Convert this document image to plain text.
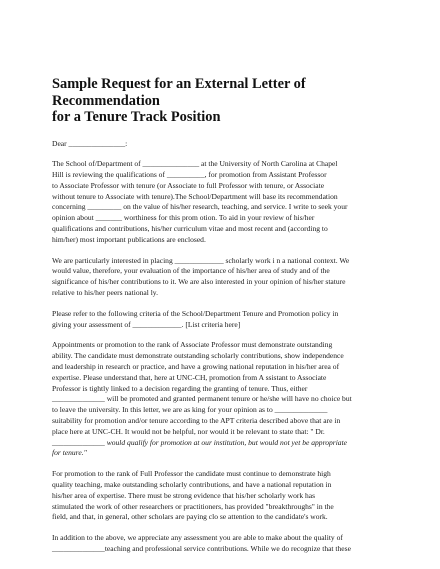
Sample Request for an External Letter of Recommendation
for a Tenure Track Position

Dear _______________:

The School of/Department of _______________ at the University of North Carolina at Chapel
Hill is reviewing the qualifications of __________, for promotion from Assistant Professor
to Associate Professor with tenure (or Associate to full Professor with tenure, or Associate
without tenure to Associate with tenure).The School/Department will base its recommendation
concerning _________ on the value of his/her research, teaching, and service. I write to seek your
opinion about _______ worthiness for this prom otion. To aid in your review of his/her
qualifications and contributions, his/her curriculum vitae and most recent and (according to
him/her) most important publications are enclosed.

We are particularly interested in placing _____________ scholarly work i n a national context. We
would value, therefore, your evaluation of the importance of his/her area of study and of the
significance of his/her contributions to it. We are also interested in your opinion of his/her stature
relative to his/her peers national ly.

Please refer to the following criteria of the School/Department Tenure and Promotion policy in
giving your assessment of _____________. [List criteria here]

Appointments or promotion to the rank of Associate Professor must demonstrate outstanding
ability. The candidate must demonstrate outstanding scholarly contributions, show independence
and leadership in research or practice, and have a growing national reputation in his/her area of
expertise. Please understand that, here at UNC-CH, promotion from A ssistant to Associate
Professor is tightly linked to a decision regarding the granting of tenure. Thus, either
______________ will be promoted and granted permanent tenure or he/she will have no choice but
to leave the university. In this letter, we are as king for your opinion as to ______________
suitability for promotion and/or tenure according to the APT criteria described above that are in
place here at UNC-CH. It would not be helpful, nor would it be relevant to state that: " Dr.
______________ would qualify for promotion at our institution, but would not yet be appropriate
for tenure."

For promotion to the rank of Full Professor the candidate must continue to demonstrate high
quality teaching, make outstanding scholarly contributions, and have a national reputation in
his/her area of expertise. There must be strong evidence that his/her scholarly work has
stimulated the work of other researchers or practitioners, has provided "breakthroughs" in the
field, and that, in general, other scholars are paying clo se attention to the candidate's work.

In addition to the above, we appreciate any assessment you are able to make about the quality of
______________teaching and professional service contributions. While we do recognize that these
